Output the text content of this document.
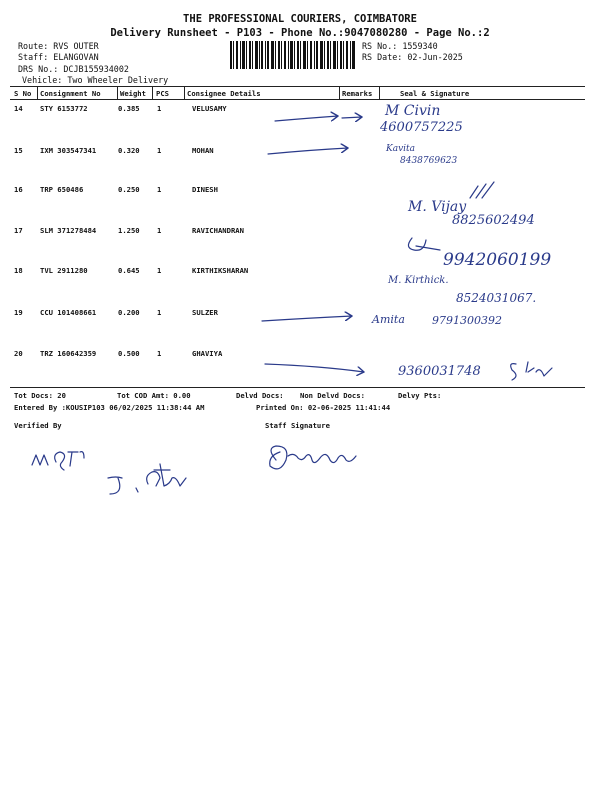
THE PROFESSIONAL COURIERS, COIMBATORE
Delivery Runsheet - P103 - Phone No.:9047080280 - Page No.:2
Route: RVS OUTER
Staff: ELANGOVAN
DRS No.: DCJB155934002
Vehicle: Two Wheeler Delivery
RS No.: 1559340
RS Date: 02-Jun-2025
S No Consignment No	Weight PCS	Consignee Details	Remarks	Seal & Signature
14 STY 6153772	0.385 1	VELUSAMY
15 IXM 303547341	0.320 1	MOHAN
16 TRP 650486	0.250 1	DINESH
17 SLM 371278484	1.250 1	RAVICHANDRAN
18 TVL 2911280	0.645 1	KIRTHIKSHARAN
19 CCU 101408661	0.200 1	SULZER
20 TRZ 160642359	0.500 1	GHAVIYA
M Civin
4600757225
Kavita
8438769623
M. Vijay
8825602494
9942060199
M. Kirthick.
8524031067.
Amita 9791300392
9360031748
Tot Docs: 20	Tot COD Amt: 0.00	Delvd Docs: Non Delvd Docs:	Delvy Pts:
Entered By :KOUSIP103 06/02/2025 11:38:44 AM	Printed On: 02-06-2025 11:41:44
Verified By	Staff Signature
